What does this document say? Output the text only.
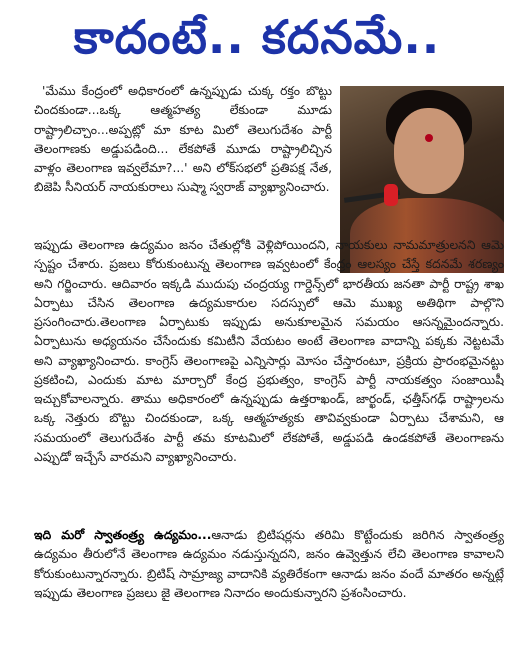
కాదంటే.. కదనమే..

'మేము కేంద్రంలో అధికారంలో ఉన్నప్పుడు చుక్క రక్తం బొట్టు చిందకుండా...ఒక్క ఆత్మహత్య లేకుండా మూడు రాష్ట్రాలిచ్చాం...అప్పట్లో మా కూట మిలో తెలుగుదేశం పార్టీ తెలంగాణకు అడ్డుపడింది... లేకపోతే మూడు రాష్ట్రాలిచ్చిన వాళ్లం తెలంగాణ ఇవ్వలేమా?...' అని లోక్‌సభలో ప్రతిపక్ష నేత, బిజెపి సీనియర్ నాయకురాలు సుష్మా స్వరాజ్ వ్యాఖ్యానించారు.

ఇప్పుడు తెలంగాణ ఉద్యమం జనం చేతుల్లోకి వెళ్లిపోయిందని, నాయకులు నామమాత్రులనని ఆమె స్పష్టం చేశారు. ప్రజలు కోరుకుంటున్న తెలంగాణ ఇవ్వటంలో కేంద్రం ఆలస్యం చేస్తే కదనమే శరణ్యం అని గర్జించారు. ఆదివారం ఇక్కడి ముదుపు చంద్రయ్య గార్డెన్స్‌లో భారతీయ జనతా పార్టీ రాష్ట్ర శాఖ ఏర్పాటు చేసిన తెలంగాణ ఉద్యమకారుల సదస్సులో ఆమె ముఖ్య అతిథిగా పాల్గొని ప్రసంగించారు.తెలంగాణ ఏర్పాటుకు ఇప్పుడు అనుకూలమైన సమయం ఆసన్నమైందన్నారు. ఏర్పాటును అధ్యయనం చేసేందుకు కమిటీని వేయటం అంటే తెలంగాణ వాదాన్ని పక్కకు నెట్టటమే అని వ్యాఖ్యానించారు. కాంగ్రెస్ తెలంగాణపై ఎన్నిసార్లు మోసం చేస్తారంటూ, ప్రక్రియ ప్రారంభమైనట్టు ప్రకటించి, ఎందుకు మాట మార్చారో కేంద్ర ప్రభుత్వం, కాంగ్రెస్ పార్టీ నాయకత్వం సంజాయిషీ ఇచ్చుకోవాలన్నారు. తాము అధికారంలో ఉన్నప్పుడు ఉత్తరాఖండ్, జార్ఖండ్, ఛత్తీస్‌గఢ్ రాష్ట్రాలను ఒక్క నెత్తురు బొట్టు చిందకుండా, ఒక్క ఆత్మహత్యకు తావివ్వకుండా ఏర్పాటు చేశామని, ఆ సమయంలో తెలుగుదేశం పార్టీ తమ కూటమిలో లేకపోతే, అడ్డుపడి ఉండకపోతే తెలంగాణను ఎప్పుడో ఇచ్చేసే వారమని వ్యాఖ్యానించారు.

ఇది మరో స్వాతంత్ర్య ఉద్యమం...ఆనాడు బ్రిటిషర్లను తరిమి కొట్టేందుకు జరిగిన స్వాతంత్ర్య ఉద్యమం తీరులోనే తెలంగాణ ఉద్యమం నడుస్తున్నదని, జనం ఉవ్వెత్తున లేచి తెలంగాణ కావాలని కోరుకుంటున్నారన్నారు. బ్రిటిష్ సామ్రాజ్య వాదానికి వ్యతిరేకంగా ఆనాడు జనం వందే మాతరం అన్నట్లే ఇప్పుడు తెలంగాణ ప్రజలు జై తెలంగాణ నినాదం అందుకున్నారని ప్రశంసించారు.
